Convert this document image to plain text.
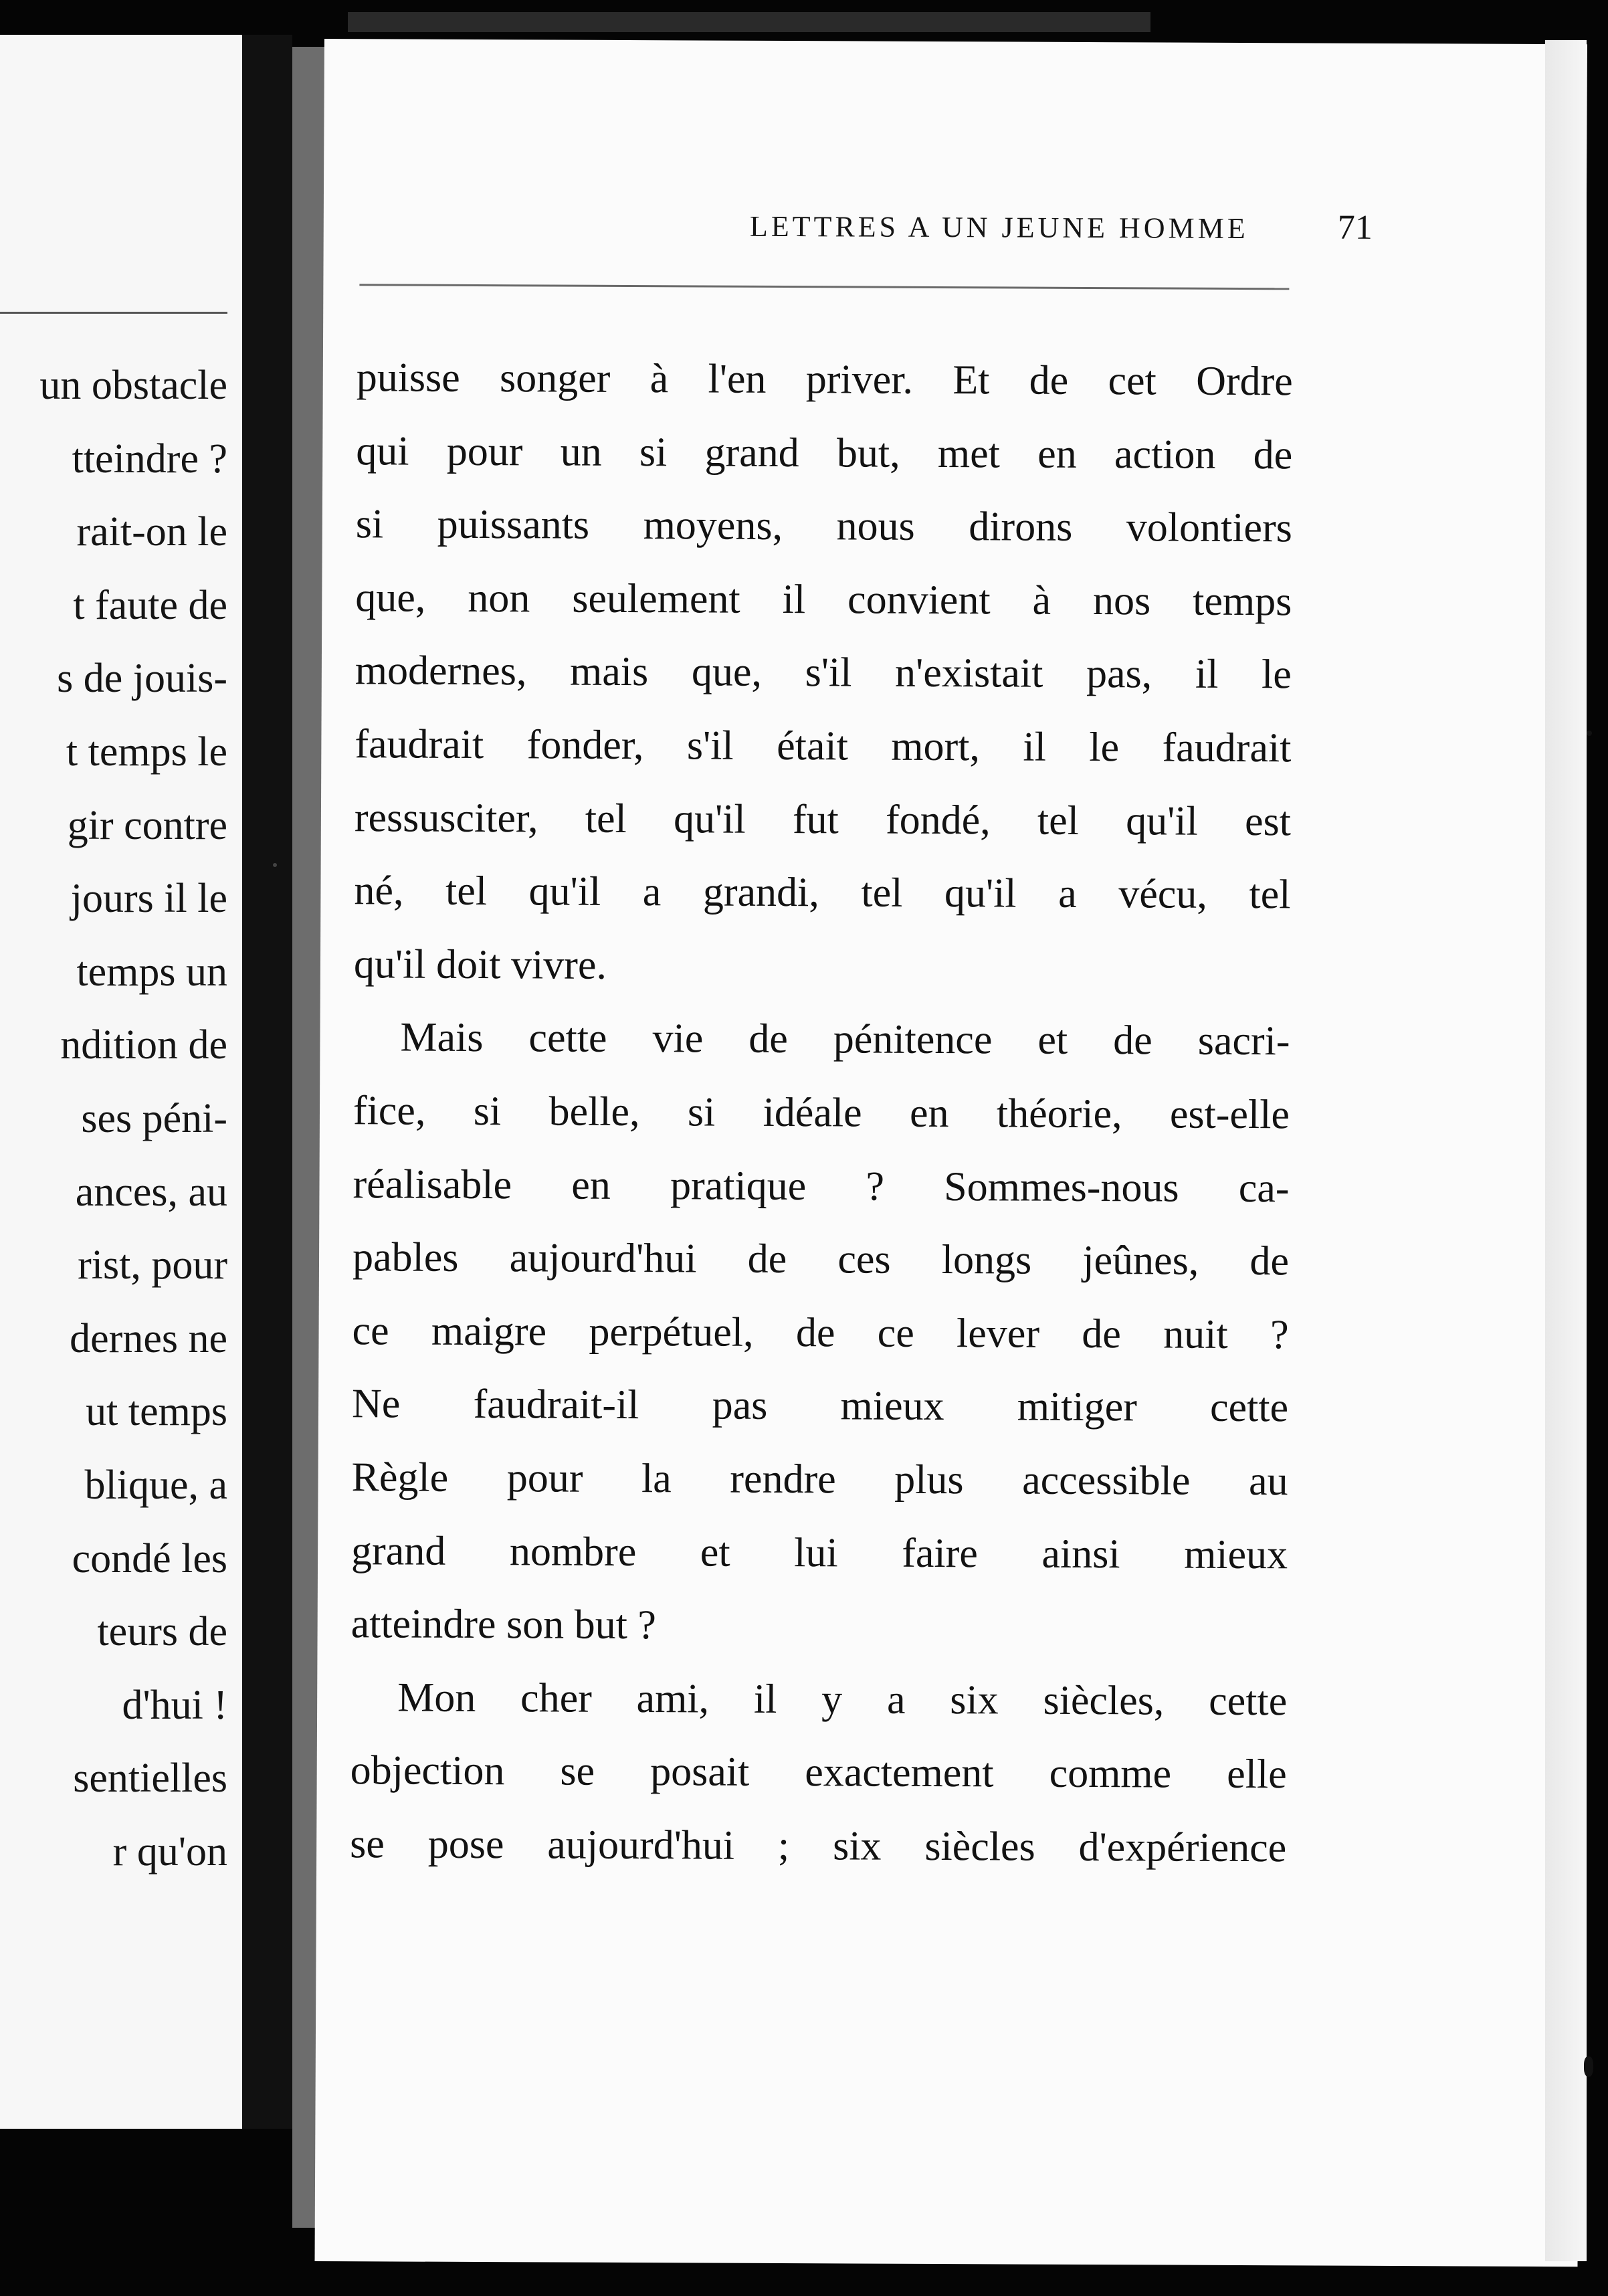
un obstacle
tteindre ?
rait-on le
t faute de
s de jouis-
t temps le
gir contre
jours il le
temps un
ndition de
ses péni-
ances, au
rist, pour
dernes ne
ut temps
blique, a
condé les
teurs de
d'hui !
sentielles
r qu'on
LETTRES A UN JEUNE HOMME	71
puisse songer à l'en priver. Et de cet Ordre
qui pour un si grand but, met en action de
si puissants moyens, nous dirons volontiers
que, non seulement il convient à nos temps
modernes, mais que, s'il n'existait pas, il le
faudrait fonder, s'il était mort, il le faudrait
ressusciter, tel qu'il fut fondé, tel qu'il est
né, tel qu'il a grandi, tel qu'il a vécu, tel
qu'il doit vivre.
Mais cette vie de pénitence et de sacri-
fice, si belle, si idéale en théorie, est-elle
réalisable en pratique ? Sommes-nous ca-
pables aujourd'hui de ces longs jeûnes, de
ce maigre perpétuel, de ce lever de nuit ?
Ne faudrait-il pas mieux mitiger cette
Règle pour la rendre plus accessible au
grand nombre et lui faire ainsi mieux
atteindre son but ?
Mon cher ami, il y a six siècles, cette
objection se posait exactement comme elle
se pose aujourd'hui ; six siècles d'expérience
